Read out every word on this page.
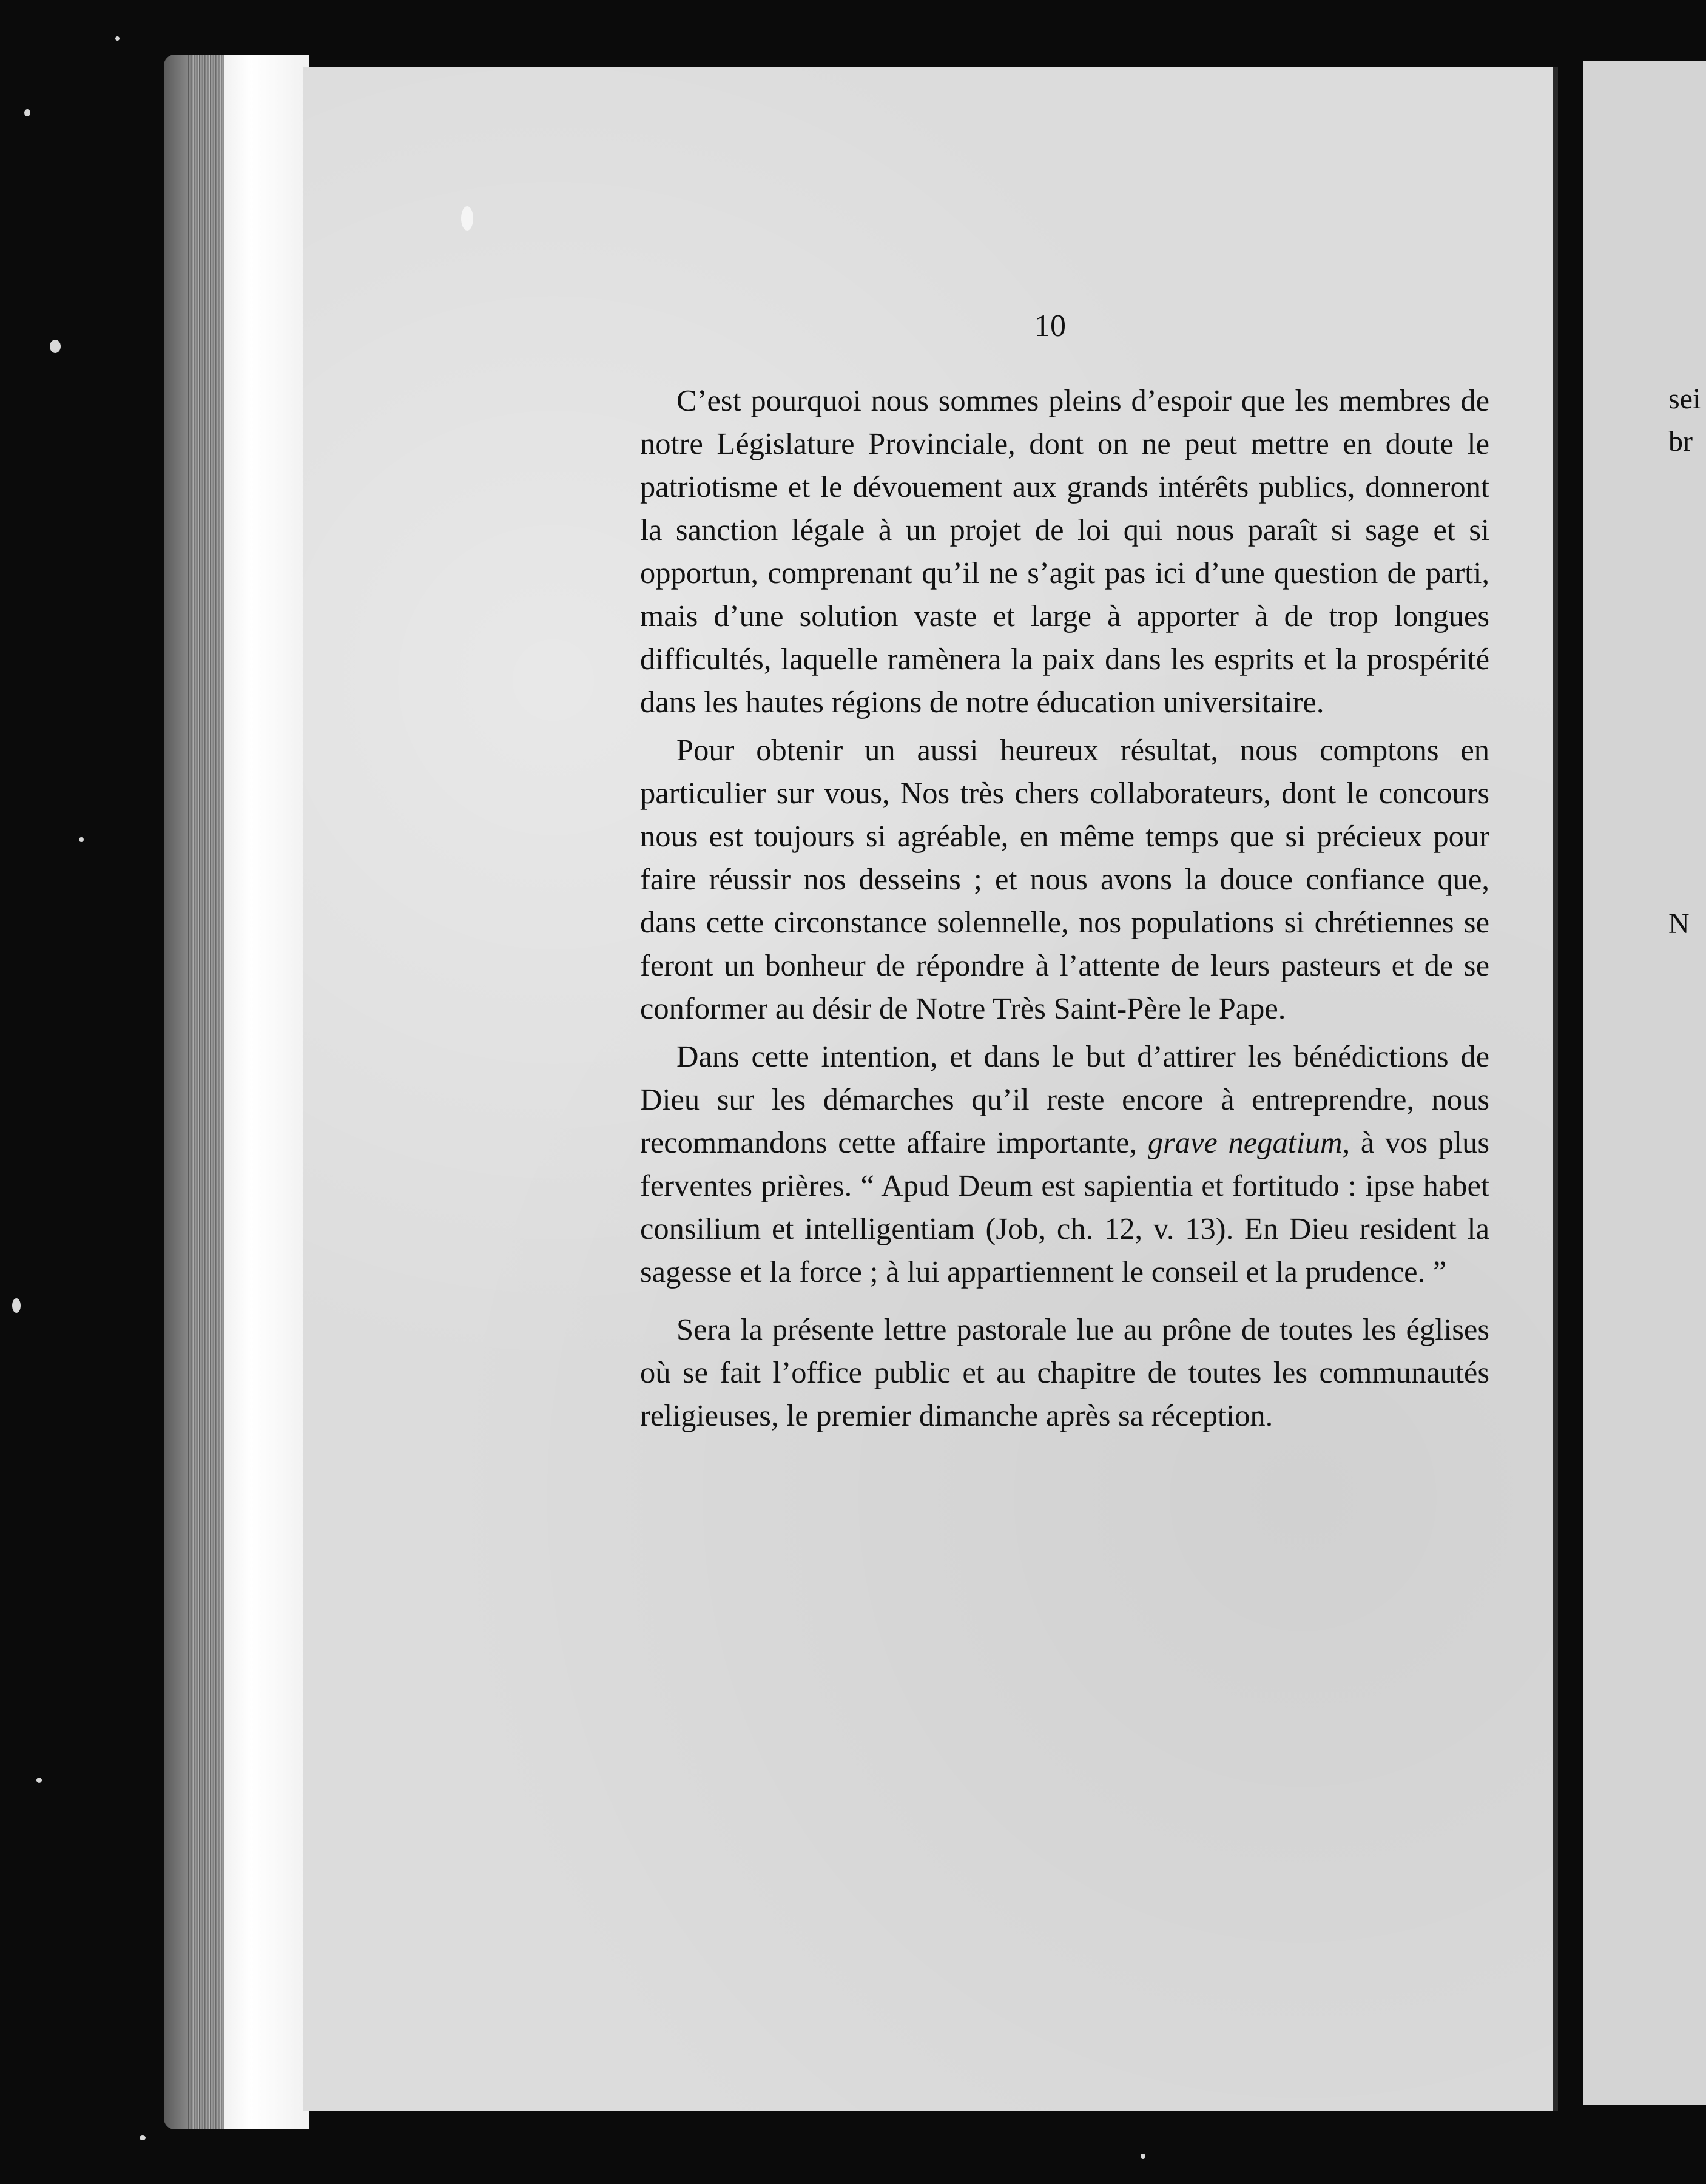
sei
br
N
10

C’est pourquoi nous sommes pleins d’espoir que les membres de notre Législature Provinciale, dont on ne peut mettre en doute le patriotisme et le dévouement aux grands intérêts publics, donneront la sanction légale à un projet de loi qui nous paraît si sage et si opportun, comprenant qu’il ne s’agit pas ici d’une question de parti, mais d’une solution vaste et large à apporter à de trop longues difficultés, laquelle ramènera la paix dans les esprits et la prospérité dans les hautes régions de notre éducation universitaire.

Pour obtenir un aussi heureux résultat, nous comptons en particulier sur vous, Nos très chers collaborateurs, dont le concours nous est toujours si agréable, en même temps que si précieux pour faire réussir nos desseins ; et nous avons la douce confiance que, dans cette circonstance solennelle, nos populations si chrétiennes se feront un bonheur de répondre à l’attente de leurs pasteurs et de se conformer au désir de Notre Très Saint-Père le Pape.

Dans cette intention, et dans le but d’attirer les bénédictions de Dieu sur les démarches qu’il reste encore à entreprendre, nous recommandons cette affaire importante, grave negatium, à vos plus ferventes prières. “ Apud Deum est sapientia et fortitudo : ipse habet consilium et intelligentiam (Job, ch. 12, v. 13). En Dieu resident la sagesse et la force ; à lui appartiennent le conseil et la prudence. ”

Sera la présente lettre pastorale lue au prône de toutes les églises où se fait l’office public et au chapitre de toutes les communautés religieuses, le premier dimanche après sa réception.
